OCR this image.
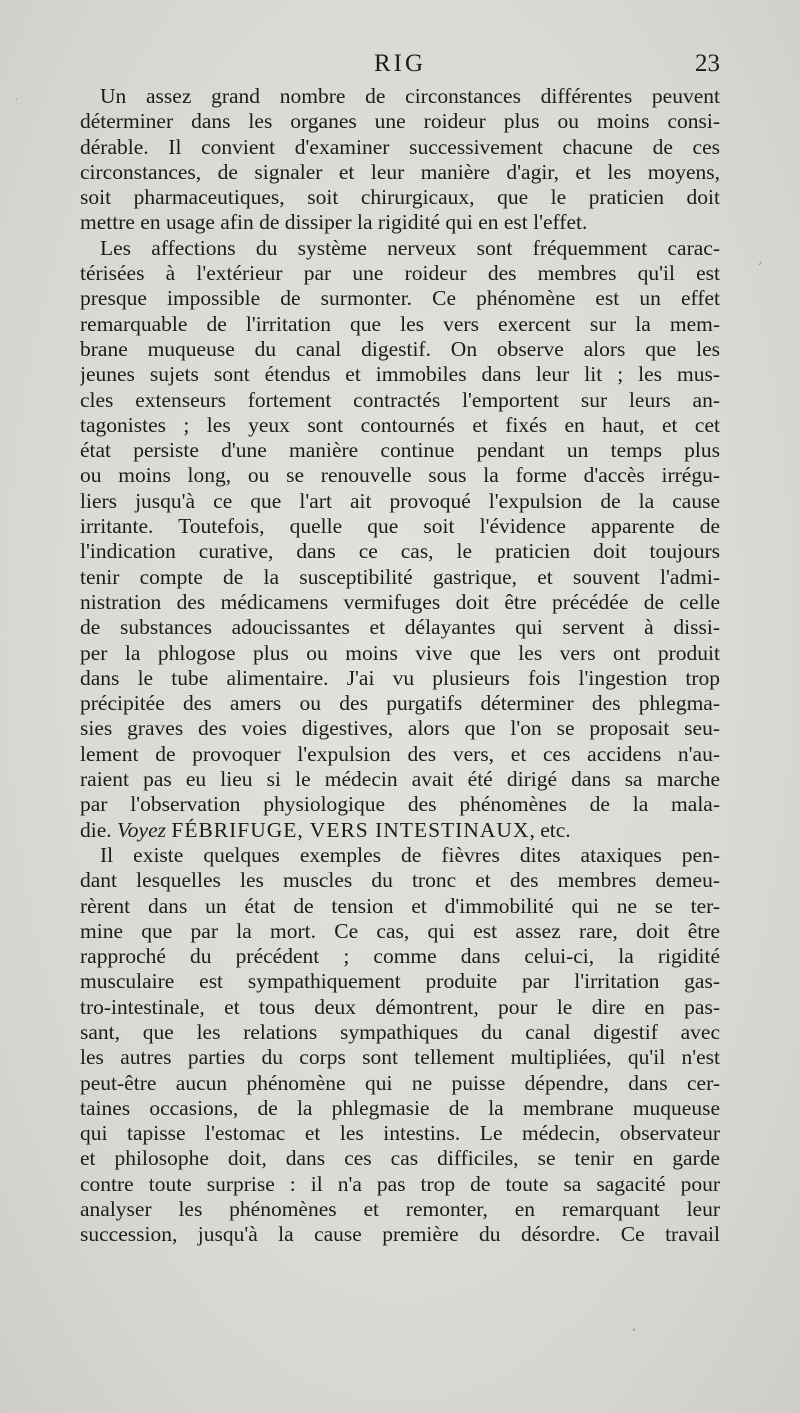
RIG	23
Un assez grand nombre de circonstances différentes peuvent
déterminer dans les organes une roideur plus ou moins consi-
dérable. Il convient d'examiner successivement chacune de ces
circonstances, de signaler et leur manière d'agir, et les moyens,
soit pharmaceutiques, soit chirurgicaux, que le praticien doit
mettre en usage afin de dissiper la rigidité qui en est l'effet.
Les affections du système nerveux sont fréquemment carac-
térisées à l'extérieur par une roideur des membres qu'il est
presque impossible de surmonter. Ce phénomène est un effet
remarquable de l'irritation que les vers exercent sur la mem-
brane muqueuse du canal digestif. On observe alors que les
jeunes sujets sont étendus et immobiles dans leur lit ; les mus-
cles extenseurs fortement contractés l'emportent sur leurs an-
tagonistes ; les yeux sont contournés et fixés en haut, et cet
état persiste d'une manière continue pendant un temps plus
ou moins long, ou se renouvelle sous la forme d'accès irrégu-
liers jusqu'à ce que l'art ait provoqué l'expulsion de la cause
irritante. Toutefois, quelle que soit l'évidence apparente de
l'indication curative, dans ce cas, le praticien doit toujours
tenir compte de la susceptibilité gastrique, et souvent l'admi-
nistration des médicamens vermifuges doit être précédée de celle
de substances adoucissantes et délayantes qui servent à dissi-
per la phlogose plus ou moins vive que les vers ont produit
dans le tube alimentaire. J'ai vu plusieurs fois l'ingestion trop
précipitée des amers ou des purgatifs déterminer des phlegma-
sies graves des voies digestives, alors que l'on se proposait seu-
lement de provoquer l'expulsion des vers, et ces accidens n'au-
raient pas eu lieu si le médecin avait été dirigé dans sa marche
par l'observation physiologique des phénomènes de la mala-
die. Voyez FÉBRIFUGE, VERS INTESTINAUX, etc.
Il existe quelques exemples de fièvres dites ataxiques pen-
dant lesquelles les muscles du tronc et des membres demeu-
rèrent dans un état de tension et d'immobilité qui ne se ter-
mine que par la mort. Ce cas, qui est assez rare, doit être
rapproché du précédent ; comme dans celui-ci, la rigidité
musculaire est sympathiquement produite par l'irritation gas-
tro-intestinale, et tous deux démontrent, pour le dire en pas-
sant, que les relations sympathiques du canal digestif avec
les autres parties du corps sont tellement multipliées, qu'il n'est
peut-être aucun phénomène qui ne puisse dépendre, dans cer-
taines occasions, de la phlegmasie de la membrane muqueuse
qui tapisse l'estomac et les intestins. Le médecin, observateur
et philosophe doit, dans ces cas difficiles, se tenir en garde
contre toute surprise : il n'a pas trop de toute sa sagacité pour
analyser les phénomènes et remonter, en remarquant leur
succession, jusqu'à la cause première du désordre. Ce travail
˙
ˊ
ʻ
